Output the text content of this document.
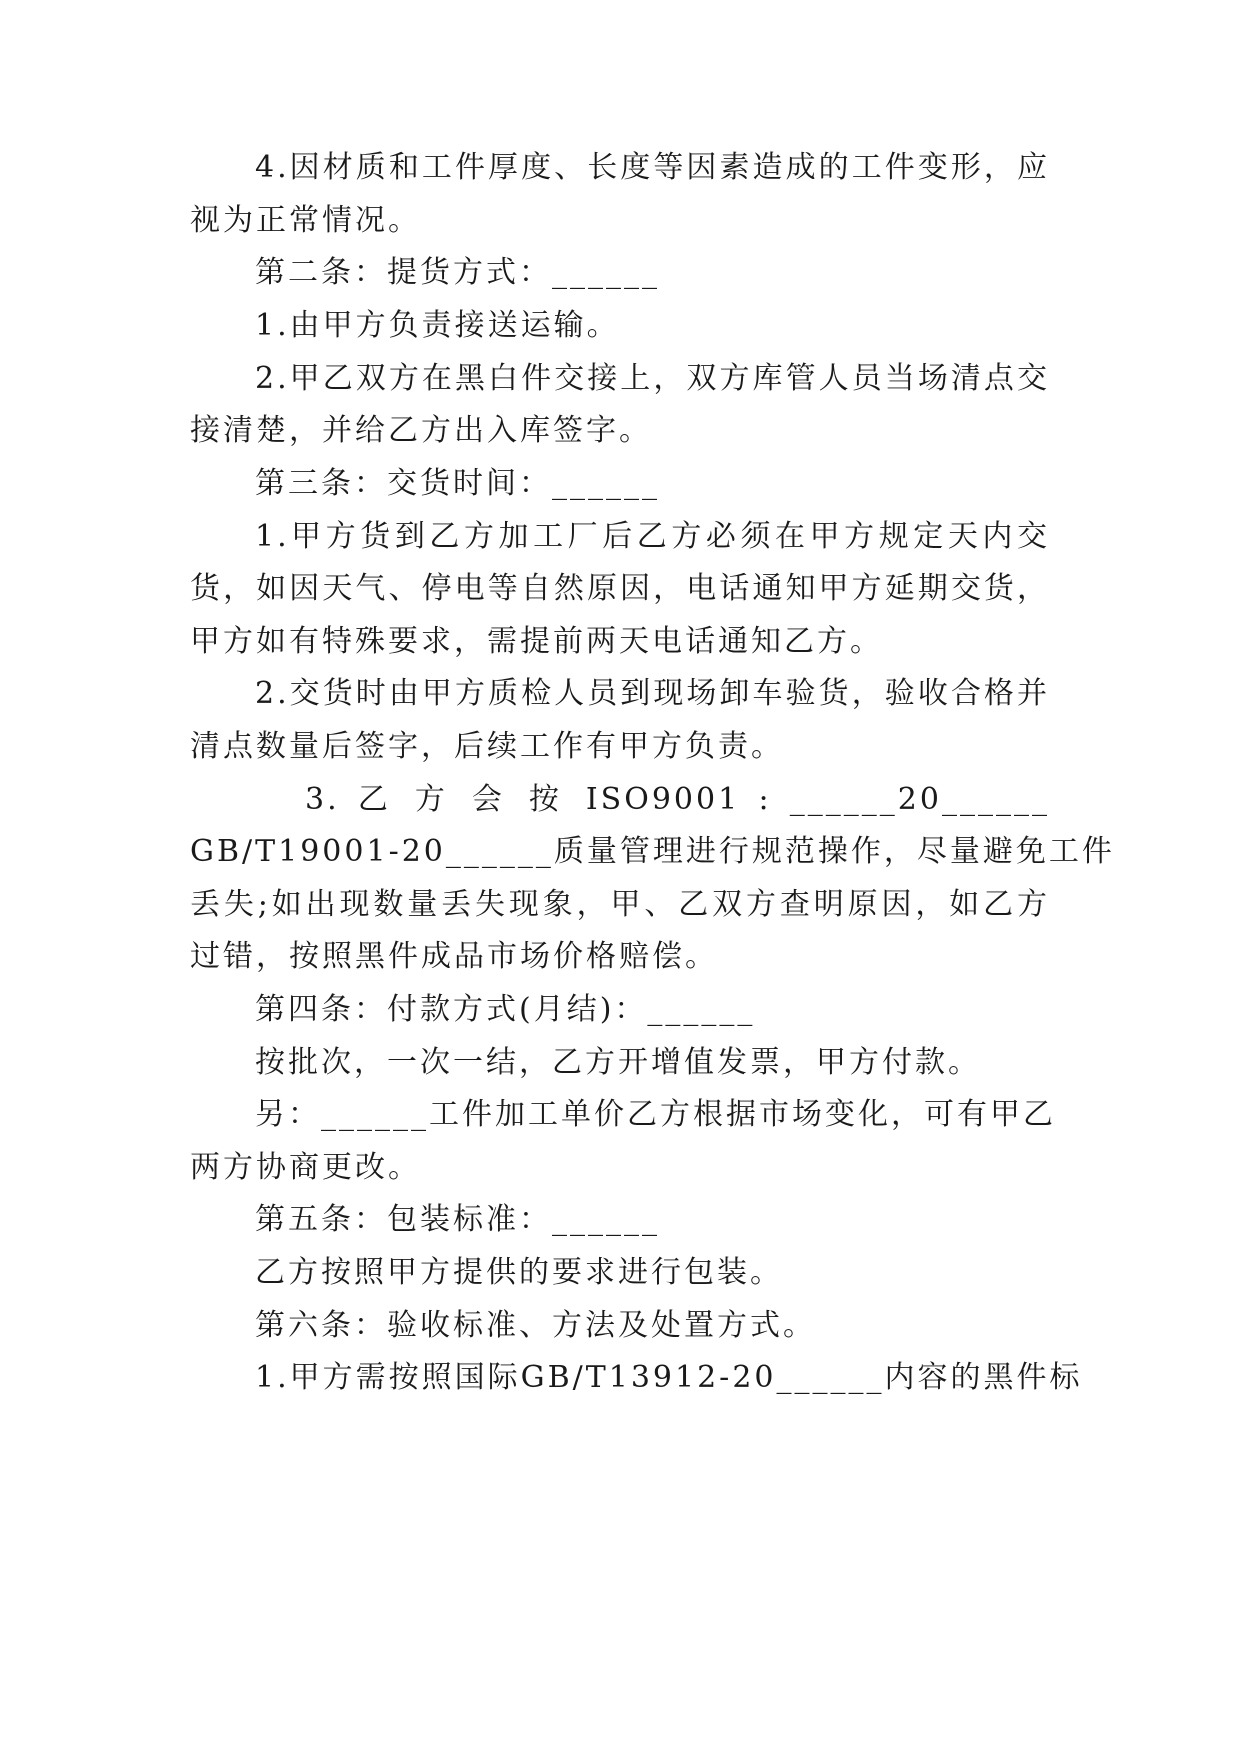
4.因材质和工件厚度、长度等因素造成的工件变形，应
视为正常情况。
第二条：提货方式：______
1.由甲方负责接送运输。
2.甲乙双方在黑白件交接上，双方库管人员当场清点交
接清楚，并给乙方出入库签字。
第三条：交货时间：______
1.甲方货到乙方加工厂后乙方必须在甲方规定天内交
货，如因天气、停电等自然原因，电话通知甲方延期交货，
甲方如有特殊要求，需提前两天电话通知乙方。
2.交货时由甲方质检人员到现场卸车验货，验收合格并
清点数量后签字，后续工作有甲方负责。
3. 乙 方 会 按 ISO9001 : ______20______
GB/T19001-20______质量管理进行规范操作，尽量避免工件
丢失;如出现数量丢失现象，甲、乙双方查明原因，如乙方
过错，按照黑件成品市场价格赔偿。
第四条：付款方式(月结)：______
按批次，一次一结，乙方开增值发票，甲方付款。
另：______工件加工单价乙方根据市场变化，可有甲乙
两方协商更改。
第五条：包装标准：______
乙方按照甲方提供的要求进行包装。
第六条：验收标准、方法及处置方式。
1.甲方需按照国际GB/T13912-20______内容的黑件标
